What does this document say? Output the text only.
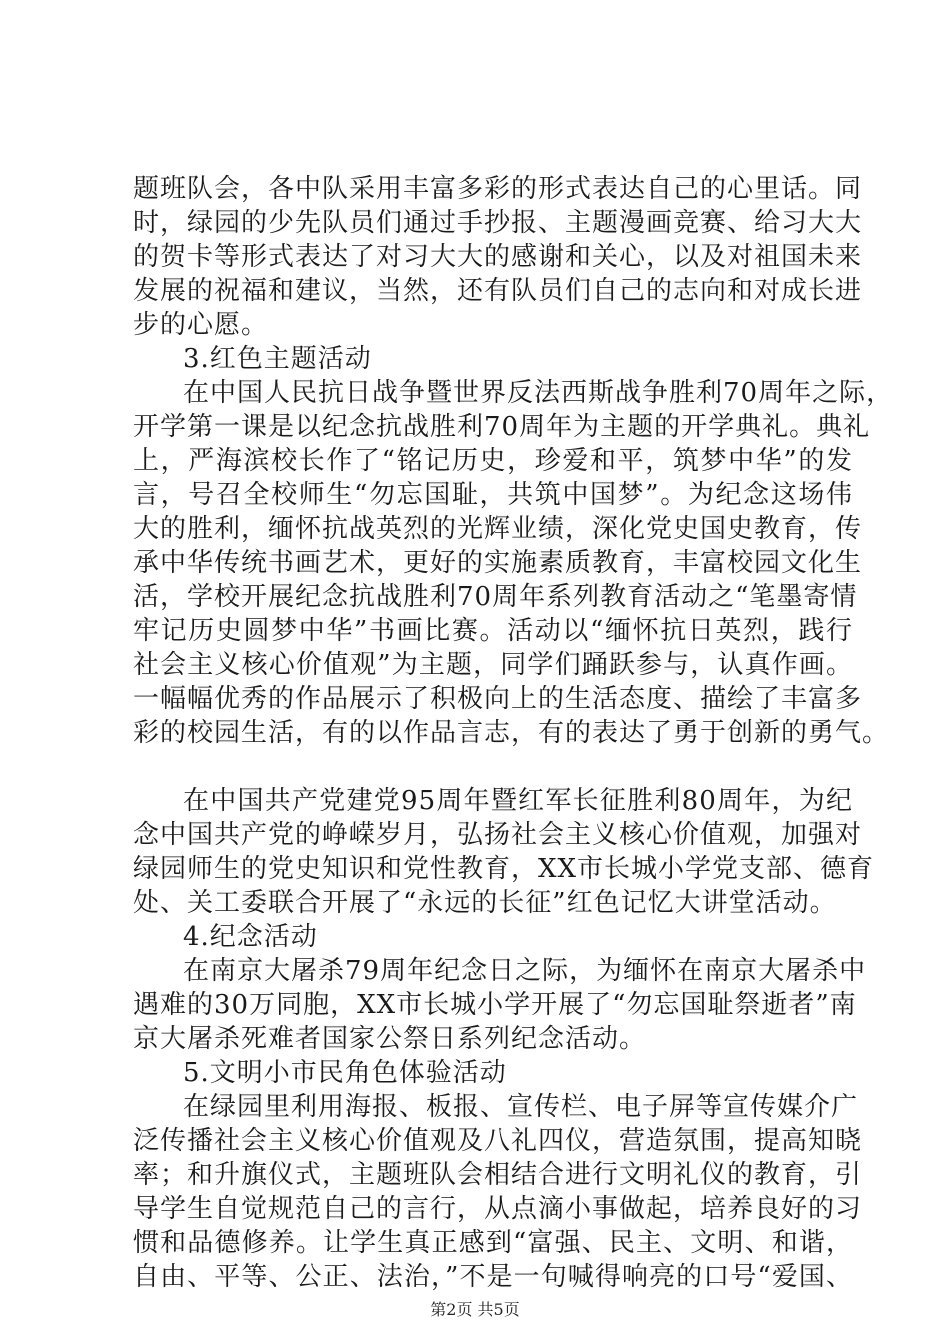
题班队会，各中队采用丰富多彩的形式表达自己的心里话。同
时，绿园的少先队员们通过手抄报、主题漫画竞赛、给习大大
的贺卡等形式表达了对习大大的感谢和关心，以及对祖国未来
发展的祝福和建议，当然，还有队员们自己的志向和对成长进
步的心愿。
3.红色主题活动
在中国人民抗日战争暨世界反法西斯战争胜利70周年之际，
开学第一课是以纪念抗战胜利70周年为主题的开学典礼。典礼
上，严海滨校长作了“铭记历史，珍爱和平，筑梦中华”的发
言，号召全校师生“勿忘国耻，共筑中国梦”。为纪念这场伟
大的胜利，缅怀抗战英烈的光辉业绩，深化党史国史教育，传
承中华传统书画艺术，更好的实施素质教育，丰富校园文化生
活，学校开展纪念抗战胜利70周年系列教育活动之“笔墨寄情
牢记历史圆梦中华”书画比赛。活动以“缅怀抗日英烈，践行
社会主义核心价值观”为主题，同学们踊跃参与，认真作画。
一幅幅优秀的作品展示了积极向上的生活态度、描绘了丰富多
彩的校园生活，有的以作品言志，有的表达了勇于创新的勇气。
在中国共产党建党95周年暨红军长征胜利80周年，为纪
念中国共产党的峥嵘岁月，弘扬社会主义核心价值观，加强对
绿园师生的党史知识和党性教育，XX市长城小学党支部、德育
处、关工委联合开展了“永远的长征”红色记忆大讲堂活动。
4.纪念活动
在南京大屠杀79周年纪念日之际，为缅怀在南京大屠杀中
遇难的30万同胞，XX市长城小学开展了“勿忘国耻祭逝者”南
京大屠杀死难者国家公祭日系列纪念活动。
5.文明小市民角色体验活动
在绿园里利用海报、板报、宣传栏、电子屏等宣传媒介广
泛传播社会主义核心价值观及八礼四仪，营造氛围，提高知晓
率；和升旗仪式，主题班队会相结合进行文明礼仪的教育，引
导学生自觉规范自己的言行，从点滴小事做起，培养良好的习
惯和品德修养。让学生真正感到“富强、民主、文明、和谐，
自由、平等、公正、法治，”不是一句喊得响亮的口号“爱国、
第2页 共5页
